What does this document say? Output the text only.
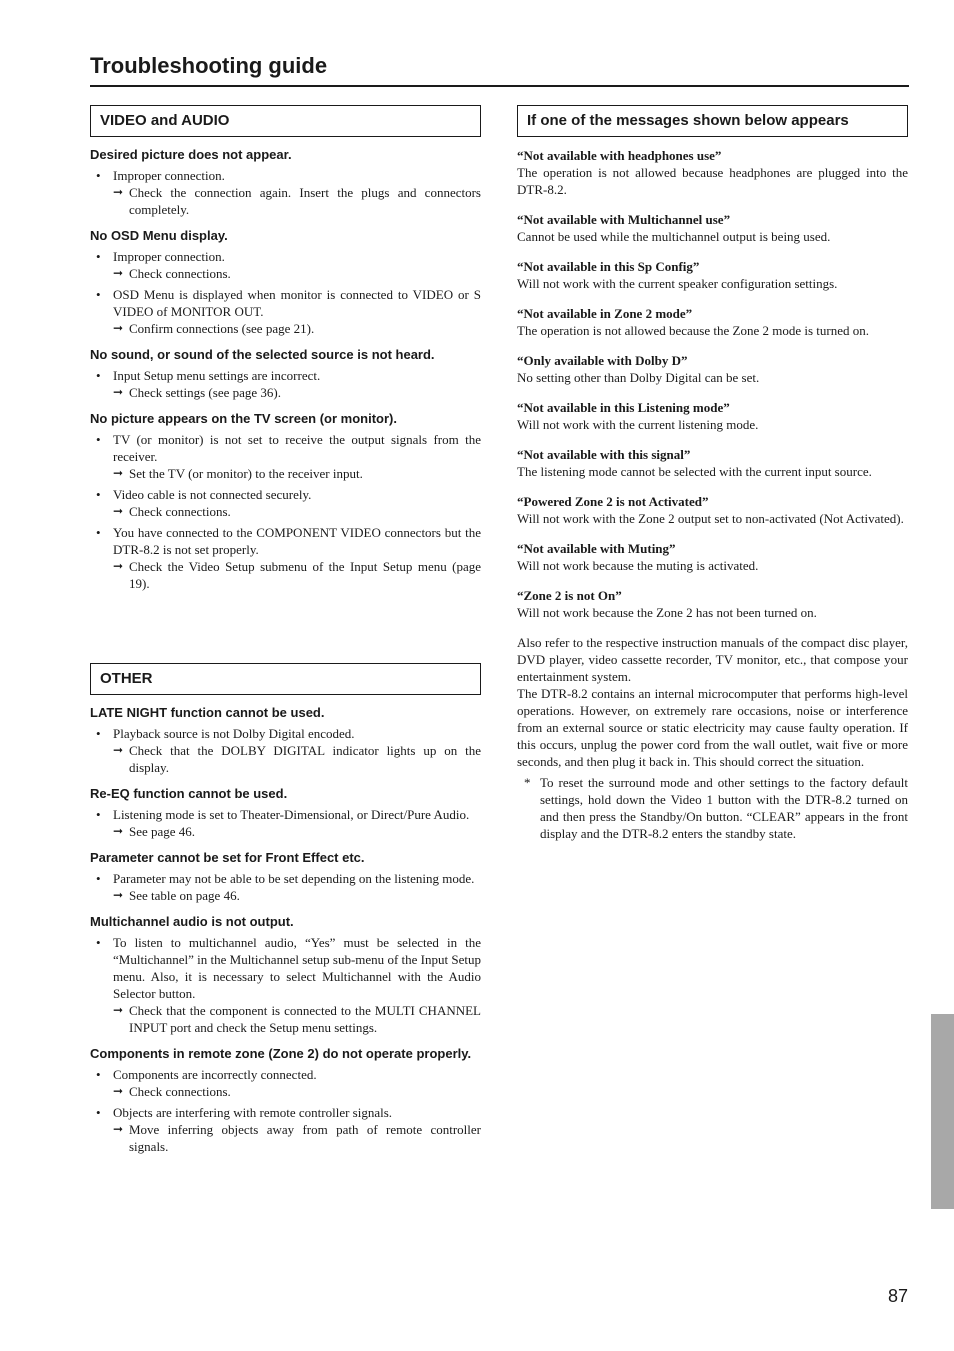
Troubleshooting guide
VIDEO and AUDIO
Desired picture does not appear.
• Improper connection.
➞ Check the connection again. Insert the plugs and connectors completely.
No OSD Menu display.
• Improper connection.
➞ Check connections.
• OSD Menu is displayed when monitor is connected to VIDEO or S VIDEO of MONITOR OUT.
➞ Confirm connections (see page 21).
No sound, or sound of the selected source is not heard.
• Input Setup menu settings are incorrect.
➞ Check settings (see page 36).
No picture appears on the TV screen (or monitor).
• TV (or monitor) is not set to receive the output signals from the receiver.
➞ Set the TV (or monitor) to the receiver input.
• Video cable is not connected securely.
➞ Check connections.
• You have connected to the COMPONENT VIDEO connectors but the DTR-8.2 is not set properly.
➞ Check the Video Setup submenu of the Input Setup menu (page 19).
OTHER
LATE NIGHT function cannot be used.
• Playback source is not Dolby Digital encoded.
➞ Check that the DOLBY DIGITAL indicator lights up on the display.
Re-EQ function cannot be used.
• Listening mode is set to Theater-Dimensional, or Direct/Pure Audio.
➞ See page 46.
Parameter cannot be set for Front Effect etc.
• Parameter may not be able to be set depending on the listening mode.
➞ See table on page 46.
Multichannel audio is not output.
• To listen to multichannel audio, “Yes” must be selected in the “Multichannel” in the Multichannel setup sub-menu of the Input Setup menu. Also, it is necessary to select Multichannel with the Audio Selector button.
➞ Check that the component is connected to the MULTI CHANNEL INPUT port and check the Setup menu settings.
Components in remote zone (Zone 2) do not operate properly.
• Components are incorrectly connected.
➞ Check connections.
• Objects are interfering with remote controller signals.
➞ Move inferring objects away from path of remote controller signals.
If one of the messages shown below appears
“Not available with headphones use”
The operation is not allowed because headphones are plugged into the DTR-8.2.
“Not available with Multichannel use”
Cannot be used while the multichannel output is being used.
“Not available in this Sp Config”
Will not work with the current speaker configuration settings.
“Not available in Zone 2 mode”
The operation is not allowed because the Zone 2 mode is turned on.
“Only available with Dolby D”
No setting other than Dolby Digital can be set.
“Not available in this Listening mode”
Will not work with the current listening mode.
“Not available with this signal”
The listening mode cannot be selected with the current input source.
“Powered Zone 2 is not Activated”
Will not work with the Zone 2 output set to non-activated (Not Activated).
“Not available with Muting”
Will not work because the muting is activated.
“Zone 2 is not On”
Will not work because the Zone 2 has not been turned on.

Also refer to the respective instruction manuals of the compact disc player, DVD player, video cassette recorder, TV monitor, etc., that compose your entertainment system.

The DTR-8.2 contains an internal microcomputer that performs high-level operations. However, on extremely rare occasions, noise or interference from an external source or static electricity may cause faulty operation. If this occurs, unplug the power cord from the wall outlet, wait five or more seconds, and then plug it back in. This should correct the situation.

* To reset the surround mode and other settings to the factory default settings, hold down the Video 1 button with the DTR-8.2 turned on and then press the Standby/On button. “CLEAR” appears in the front display and the DTR-8.2 enters the standby state.
87
